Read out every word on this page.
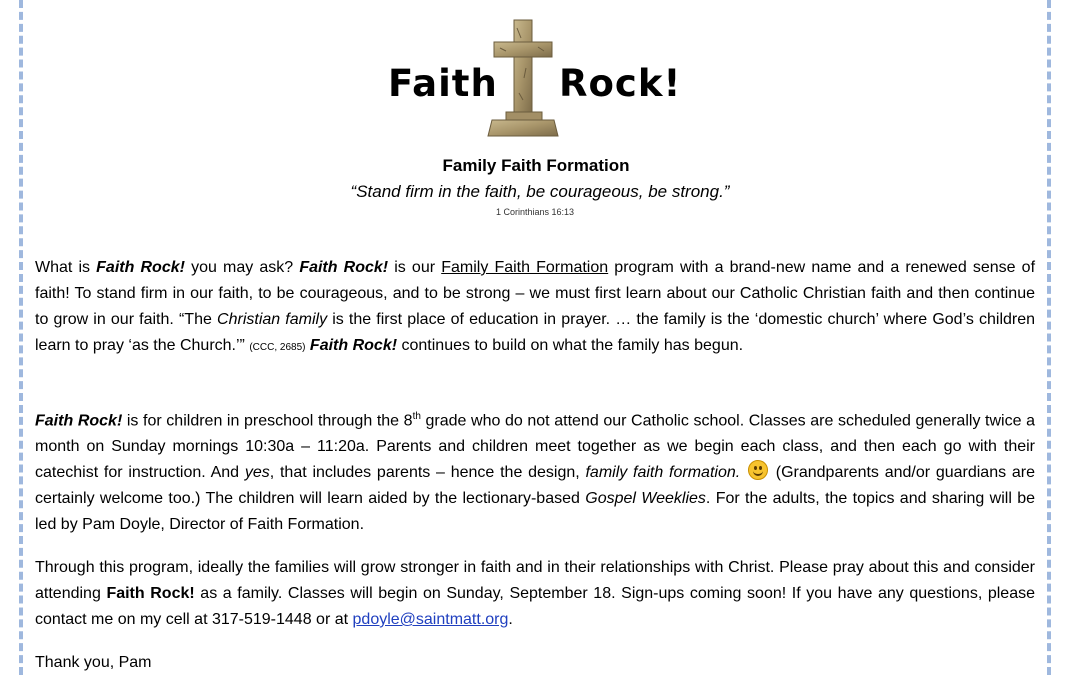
Faith Rock!
Family Faith Formation
“Stand firm in the faith, be courageous, be strong.”
1 Corinthians 16:13
What is Faith Rock! you may ask? Faith Rock! is our Family Faith Formation program with a brand-new name and a renewed sense of faith! To stand firm in our faith, to be courageous, and to be strong – we must first learn about our Catholic Christian faith and then continue to grow in our faith. “The Christian family is the first place of education in prayer. … the family is the ‘domestic church’ where God’s children learn to pray ‘as the Church.’” (CCC, 2685) Faith Rock! continues to build on what the family has begun.
Faith Rock! is for children in preschool through the 8th grade who do not attend our Catholic school. Classes are scheduled generally twice a month on Sunday mornings 10:30a – 11:20a. Parents and children meet together as we begin each class, and then each go with their catechist for instruction. And yes, that includes parents – hence the design, family faith formation.
(Grandparents and/or guardians are certainly welcome too.) The children will learn aided by the lectionary-based Gospel Weeklies. For the adults, the topics and sharing will be led by Pam Doyle, Director of Faith Formation.
Through this program, ideally the families will grow stronger in faith and in their relationships with Christ. Please pray about this and consider attending Faith Rock! as a family. Classes will begin on Sunday, September 18. Sign-ups coming soon! If you have any questions, please contact me on my cell at 317-519-1448 or at pdoyle@saintmatt.org.
Thank you, Pam
